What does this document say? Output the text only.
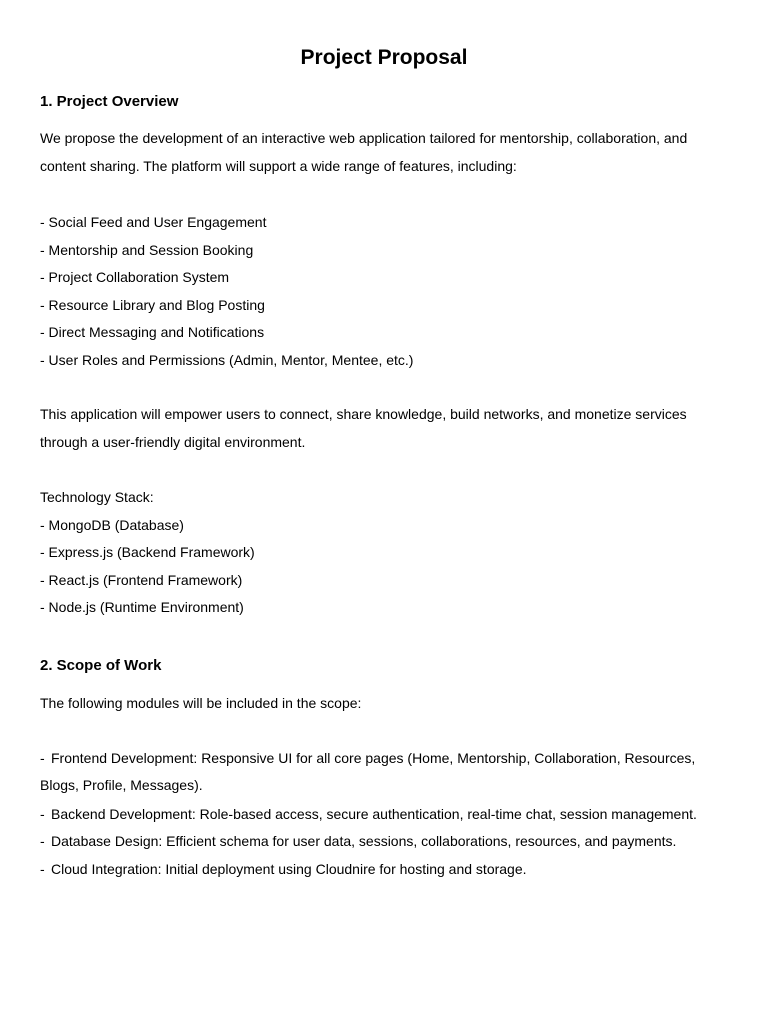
Project Proposal
1. Project Overview

We propose the development of an interactive web application tailored for mentorship, collaboration, and content sharing. The platform will support a wide range of features, including:

- Social Feed and User Engagement

- Mentorship and Session Booking

- Project Collaboration System

- Resource Library and Blog Posting

- Direct Messaging and Notifications

- User Roles and Permissions (Admin, Mentor, Mentee, etc.)

This application will empower users to connect, share knowledge, build networks, and monetize services through a user-friendly digital environment.

Technology Stack:

- MongoDB (Database)

- Express.js (Backend Framework)

- React.js (Frontend Framework)

- Node.js (Runtime Environment)

2. Scope of Work

The following modules will be included in the scope:

- Frontend Development: Responsive UI for all core pages (Home, Mentorship, Collaboration, Resources, Blogs, Profile, Messages).

- Backend Development: Role-based access, secure authentication, real-time chat, session management.

- Database Design: Efficient schema for user data, sessions, collaborations, resources, and payments.

- Cloud Integration: Initial deployment using Cloudnire for hosting and storage.
